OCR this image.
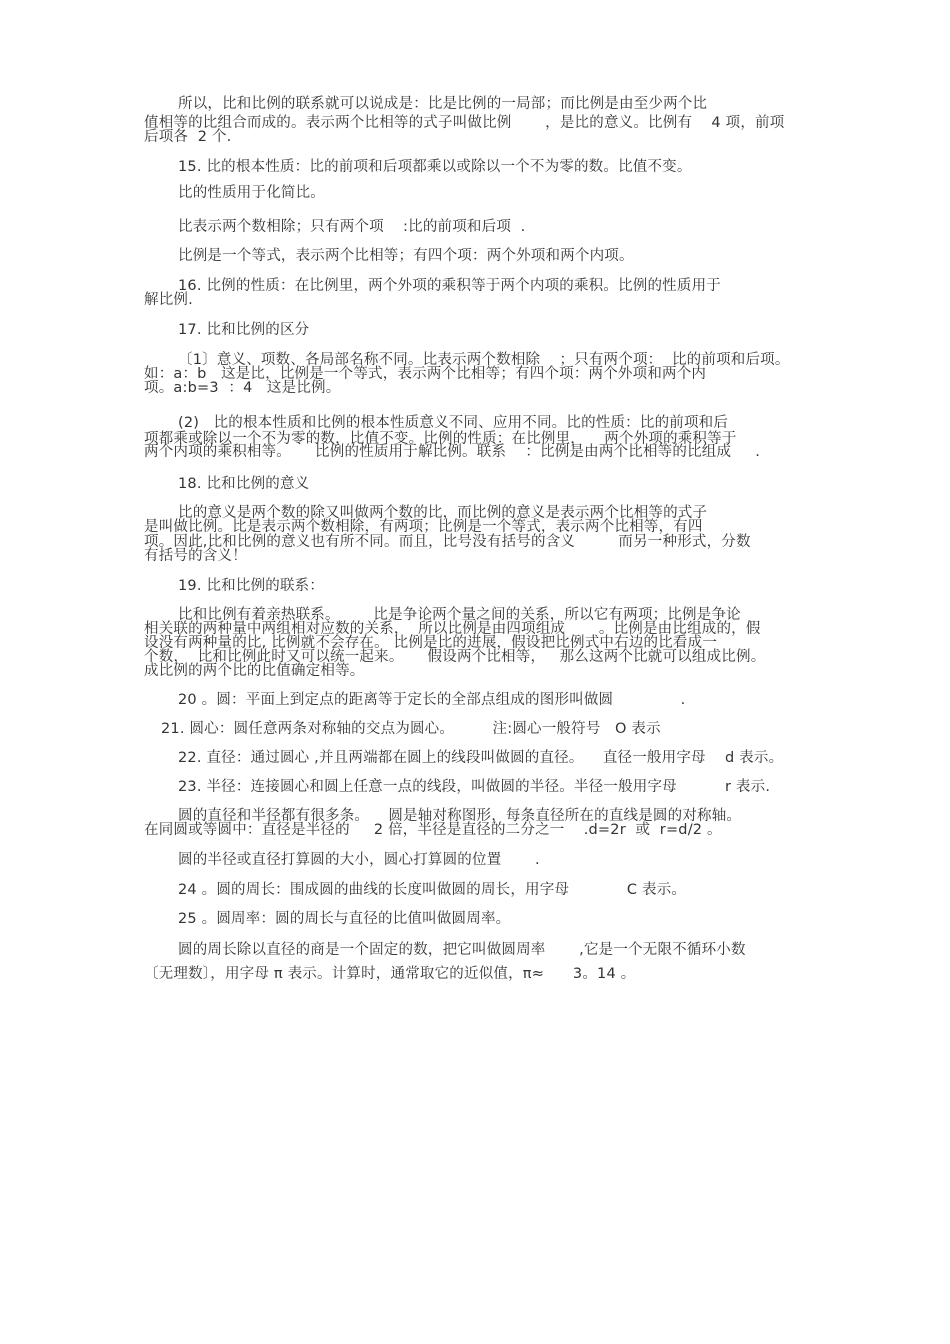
所以，比和比例的联系就可以说成是：比是比例的一局部；而比例是由至少两个比
值相等的比组合而成的。表示两个比相等的式子叫做比例       ，是比的意义。比例有    4 项，前项
后项各  2 个.
15. 比的根本性质：比的前项和后项都乘以或除以一个不为零的数。比值不变。
比的性质用于化简比。
比表示两个数相除；只有两个项    :比的前项和后项  .
比例是一个等式，表示两个比相等；有四个项：两个外项和两个内项。
16. 比例的性质：在比例里，两个外项的乘积等于两个内项的乘积。比例的性质用于
解比例.
17. 比和比例的区分
〔1〕意义、项数、各局部名称不同。比表示两个数相除    ；只有两个项：  比的前项和后项。
如：a：b   这是比，比例是一个等式，表示两个比相等；有四个项：两个外项和两个内
项。a:b=3  ：4   这是比例。
(2)   比的根本性质和比例的根本性质意义不同、应用不同。比的性质：比的前项和后
项都乘或除以一个不为零的数，比值不变。比例的性质：在比例里，    两个外项的乘积等于
两个内项的乘积相等。     比例的性质用于解比例。联系    ：比例是由两个比相等的比组成     .
18. 比和比例的意义
比的意义是两个数的除又叫做两个数的比，而比例的意义是表示两个比相等的式子
是叫做比例。比是表示两个数相除，有两项；比例是一个等式，表示两个比相等，有四
项。因此,比和比例的意义也有所不同。而且，比号没有括号的含义         而另一种形式，分数
有括号的含义！
19. 比和比例的联系：
比和比例有着亲热联系。       比是争论两个量之间的关系，所以它有两项；比例是争论
相关联的两种量中两组相对应数的关系，  所以比例是由四项组成       。比例是由比组成的，假
设没有两种量的比, 比例就不会存在。 比例是比的进展，假设把比例式中右边的比看成一
个数，  比和比例此时又可以统一起来。     假设两个比相等，   那么这两个比就可以组成比例。
成比例的两个比的比值确定相等。
20 。圆：平面上到定点的距离等于定长的全部点组成的图形叫做圆              .
21. 圆心：圆任意两条对称轴的交点为圆心。        注:圆心一般符号   O 表示
22. 直径：通过圆心 ,并且两端都在圆上的线段叫做圆的直径。    直径一般用字母    d 表示。
23. 半径：连接圆心和圆上任意一点的线段，叫做圆的半径。半径一般用字母          r 表示.
圆的直径和半径都有很多条。    圆是轴对称图形，每条直径所在的直线是圆的对称轴。
在同圆或等圆中：直径是半径的     2 倍，半径是直径的二分之一    .d=2r  或  r=d/2 。
圆的半径或直径打算圆的大小，圆心打算圆的位置       .
24 。圆的周长：围成圆的曲线的长度叫做圆的周长，用字母            C 表示。
25 。圆周率：圆的周长与直径的比值叫做圆周率。
圆的周长除以直径的商是一个固定的数，把它叫做圆周率       ,它是一个无限不循环小数
〔无理数〕，用字母 π 表示。计算时，通常取它的近似值，π≈      3。14 。
